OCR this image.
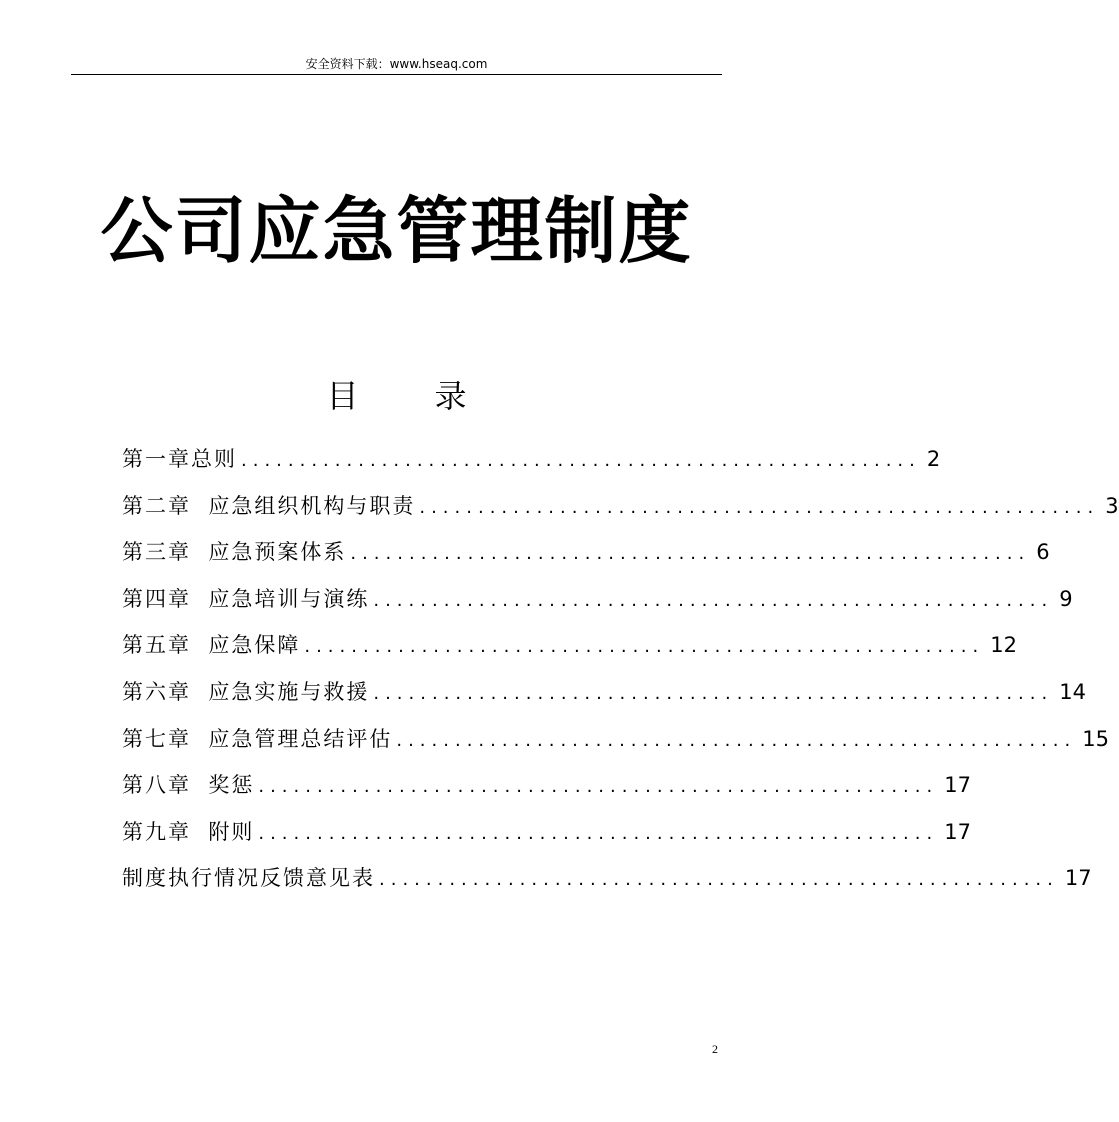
安全资料下载：www.hseaq.com
公司应急管理制度
目 录
第一章总则 .......................................................... 2
第二章  应急组织机构与职责 .......................................................... 3
第三章  应急预案体系 .......................................................... 6
第四章  应急培训与演练 .......................................................... 9
第五章  应急保障 .......................................................... 12
第六章  应急实施与救援 .......................................................... 14
第七章  应急管理总结评估 .......................................................... 15
第八章  奖惩 .......................................................... 17
第九章  附则 .......................................................... 17
制度执行情况反馈意见表 .......................................................... 17
2
